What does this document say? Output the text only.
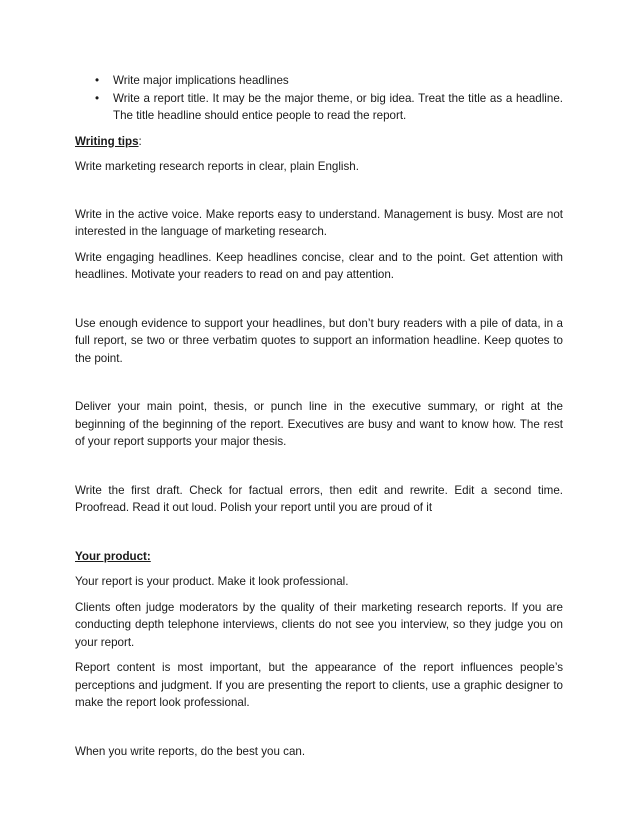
• Write major implications headlines
• Write a report title. It may be the major theme, or big idea. Treat the title as a headline. The title headline should entice people to read the report.

Writing tips:

Write marketing research reports in clear, plain English.

Write in the active voice. Make reports easy to understand. Management is busy. Most are not interested in the language of marketing research.

Write engaging headlines. Keep headlines concise, clear and to the point. Get attention with headlines. Motivate your readers to read on and pay attention.

Use enough evidence to support your headlines, but don’t bury readers with a pile of data, in a full report, se two or three verbatim quotes to support an information headline. Keep quotes to the point.

Deliver your main point, thesis, or punch line in the executive summary, or right at the beginning of the beginning of the report. Executives are busy and want to know how. The rest of your report supports your major thesis.

Write the first draft. Check for factual errors, then edit and rewrite. Edit a second time. Proofread. Read it out loud. Polish your report until you are proud of it

Your product:

Your report is your product. Make it look professional.

Clients often judge moderators by the quality of their marketing research reports. If you are conducting depth telephone interviews, clients do not see you interview, so they judge you on your report.

Report content is most important, but the appearance of the report influences people’s perceptions and judgment. If you are presenting the report to clients, use a graphic designer to make the report look professional.

When you write reports, do the best you can.
